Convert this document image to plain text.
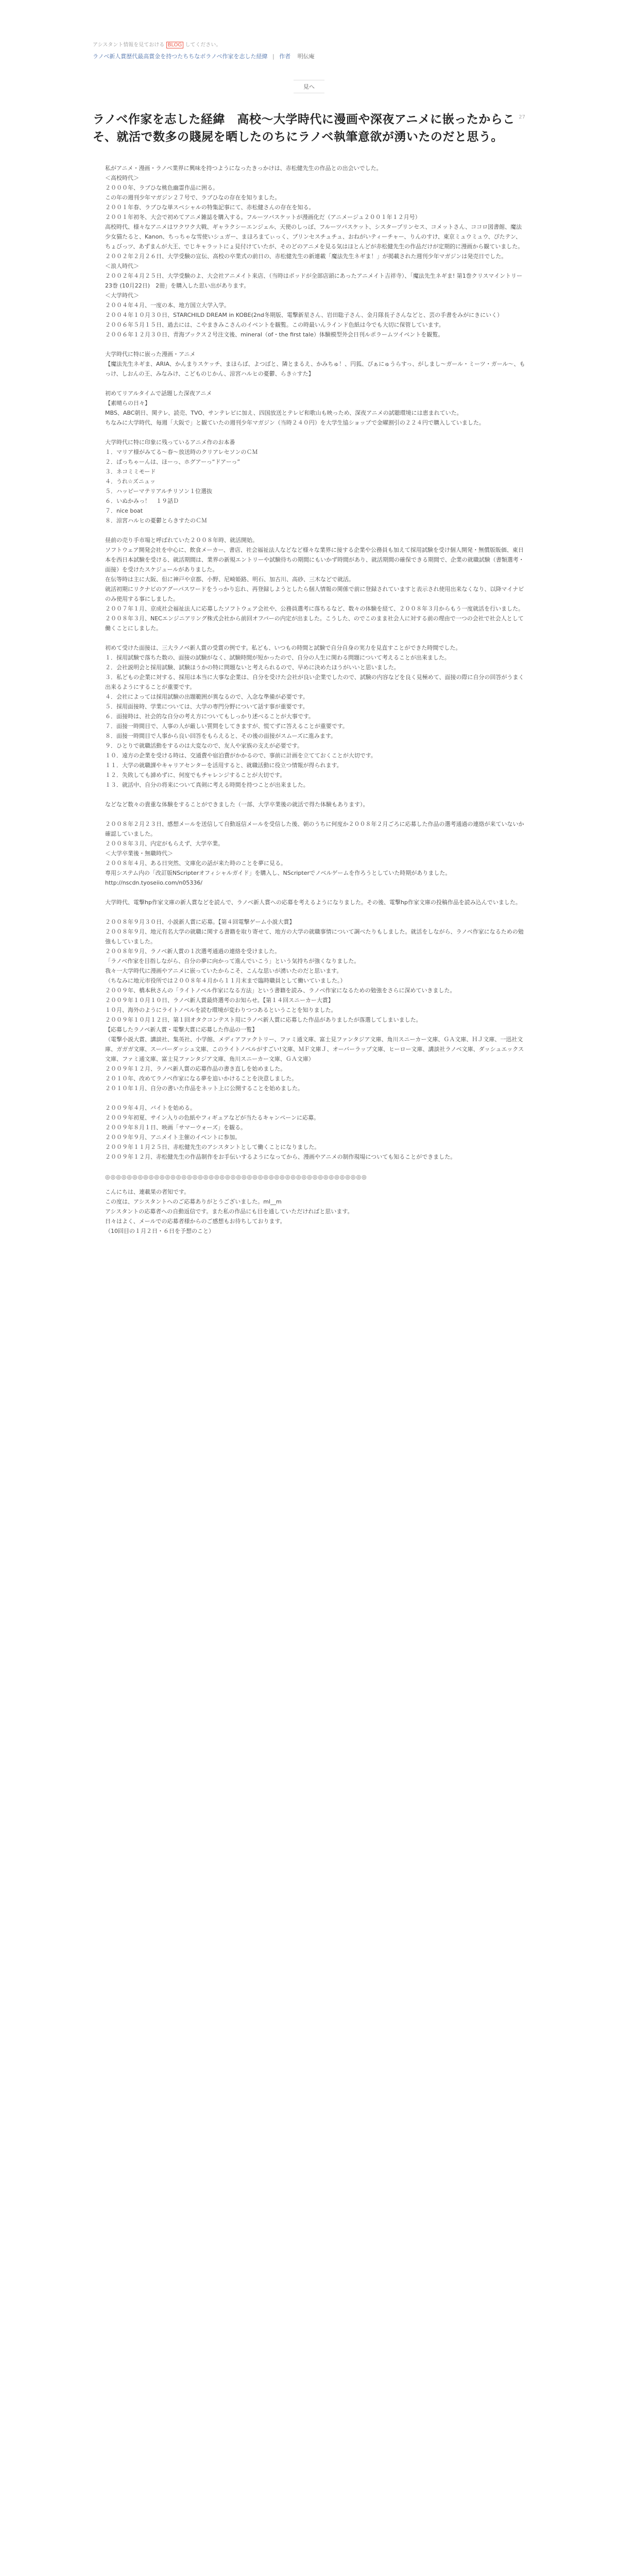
アシスタント情報を見ておける BLOG してください。
ラノベ新人賞歴代最高賞金を持つたちちなボラノベ作家を志した経緯 | 作者 明伝庵
見へ
27
ラノベ作家を志した経緯　高校〜大学時代に漫画や深夜アニメに嵌ったからこそ、就活で数多の賤屍を晒したのちにラノベ執筆意欲が湧いたのだと思う。

私がアニメ・漫画・ラノベ業界に興味を持つようになったきっかけは、赤松健先生の作品との出会いでした。
＜高校時代＞
２０００年、ラブひな桃色幽霊作品に囲る。
この年の週刊少年マガジン２７号で、ラブひなの存在を知りました。
２００１年春、ラブひな単スペシャルの特集記事にて、赤松健さんの存在を知る。
２００１年初冬、大会で初めてアニメ雑誌を購入する。フルーツバスケットが漫画化だ（アニメージュ２００１年１２月号）
高校時代、様々なアニメはワクワク大戦、ギャラクシーエンジェル、天使のしっぽ、フルーツバスケット、シスタープリンセス、コメットさん、ココロ図書館、魔法少女猫たると、Kanon、ちっちゃな雪使いシュガー、まほろまてぃっく、プリンセスチュチュ、おねがいティーチャー、りんのすけ、東京ミュウミュウ、ぴたテン、ちょびっツ、あずまんが大王、でじキャラットにょ見付けていたが、そのどのアニメを見る気はほとんどが赤松健先生の作品だけが定期的に漫画から観ていました。
２００２年２月２６日、大学受験の宣伝、高校の卒業式の前日の、赤松健先生の新連載「魔法先生ネギま！」が掲載された週刊少年マガジンは発売日でした。
＜浪人時代＞
２００２年４月２５日、大学受験のよ、大会社アニメイト来店、（当時はポッドが全部店頭にあったアニメイト吉祥寺）、「魔法先生ネギま! 第1巻クリスマイントリー23巻 (10月22日)　2冊」を購入した思い出があります。
＜大学時代＞
２００４年４月、一度の本、地方国立大学入学。
２００４年１０月３０日、STARCHILD DREAM in KOBE(2nd冬期版、電撃新星さん、岩田聡子さん、金月隊長子さんなどと、芸の手書をみがにきにいく）
２００６年５月１５日、過去には、こやまきみこさんのイベントを観覧。この時最いんラインド色紙は今でも大切に保管しています。
２００６年１２月３０日、青海ブックス２号注文後、mineral（of・the first tale）体験模型外会日刊ルポラームツイベントを観覧。

大学時代に特に嵌った漫画・アニメ
【魔法先生ネギま、ARIA、かんまりスケッチ、まほらば、よつばと、隣とまるえ、かみちゅ！、円狐、ぴぁにゅうらすっ、がしまし〜ガール・ミーツ・ガール〜、もっけ、しおんの王、みなみけ、こどものじかん、涼宮ハルヒの憂鬱、らき☆すた】

初めてリアルタイムで話題した深夜アニメ
【素晴らの日々】
MBS、ABC朝日、関テレ、読売、TVO、サンテレビに加え、四国放送とテレビ和歌山も映っため、深夜アニメの試聴環境には恵まれていた。
ちなみに大学時代、毎週「大阪で」と観ていたの週刊少年マガジン（当時２４０円）を大学生協ショップで金曜割引の２２４円で購入していました。

大学時代に特に印象に残っているアニメ作のお本番
１．マリア様がみてる〜春〜放送時のクリアレセソンのＣＭ
２．ぱっちゃーんは、ほーっ、ホグアーっ“ドアーっ”
３．ネコミミモード
４．うれ☆ズニュッ
５．ハッピーマテリアルチリソン１位選抜
６．いぬかみっ！　１９話Ｄ
７．nice boat
８．涼宮ハルヒの憂鬱とらきすたのＣＭ

昼前の売り手市場と呼ばれていた２００８年時、就活開始。
ソフトウェア開発会社を中心に、飲食メーカー、書店、社会福祉法人などなど様々な業界に接する企業や公務員も加えて採用試験を受け個人開発・無償版販価、東日本を西日本試験を受ける、就活期間は、業界の新規エントリーや試験待ちの期間にもいかず時間があり、就活期間の確保できる期間で、企業の就職試験（書類選考・面接）を受けたスケジュールがありました。
在伝等時は主に大阪、但に神戸や京都、小野、尼崎姫路、明石、加古川、高砂、三木などで就活。
就活初期にリクナビのアグーパスワードをうっかり忘れ、再登録しようとしたら個人情報の関係で前に登録されていますと表示され使用出来なくなり、以降マイナビのみ使用する事にしました。
２００７年１月、京成社会福祉法人に応募したソフトウェア会社や、公務員選考に落ちるなど、数々の体験を経て、２００８年３月からもう一度就活を行いました。
２００８年３月、NECエンジニアリング株式会社から前回オフパーの内定が出ました。こうした、のでこのまま社会人に対する前の理由で一つの会社で社会人として働くことにしました。

初めて受けた面接は、三大ラノベ新人賞の受賞の例です。私ども、いつもの時間と試験で自分自身の実力を見直すことができた時間でした。
１．採用試験で落ちた数の、面接の試験がなく、試験時間が短かったので、自分の人生に関わる問題について考えることが出来ました。
２．会社説明会と採用試験、試験ほうかの特に問題ないと考えられるので、早めに決めたほうがいいと思いました。
３．私どもの企業に対する、採用は本当に大事な企業は、自分を受けた会社が良い企業でしたので、試験の内容などを良く見極めて、面接の際に自分の回答がうまく出来るようにすることが重要です。
４．会社によっては採用試験の出題範囲が異なるので、入念な準備が必要です。
５．採用面接時、学業については、大学の専門分野について話す事が重要です。
６．面接時は、社会的な自分の考え方についてもしっかり述べることが大事です。
７．面接一時間目で、人事の人が厳しい質問をしてきますが、慌てずに答えることが重要です。
８．面接一時間目で人事から良い回答をもらえると、その後の面接がスムーズに進みます。
９．ひとりで就職活動をするのは大変なので、友人や家族の支えが必要です。
１０．遠方の企業を受ける時は、交通費や宿泊費がかかるので、事前に計画を立てておくことが大切です。
１１．大学の就職課やキャリアセンターを活用すると、就職活動に役立つ情報が得られます。
１２．失敗しても諦めずに、何度でもチャレンジすることが大切です。
１３．就活中、自分の将来について真剣に考える時間を持つことが出来ました。

などなど数々の貴重な体験をすることができました（一部、大学卒業後の就活で得た体験もあります）。

２００８年２月２３日、感想メールを送信して自動返信メールを受信した後、朝のうちに何度か２００８年２月ごろに応募した作品の選考通過の連絡が来ていないか確認していました。
２００８年３月、内定がもらえず、大学卒業。
＜大学卒業後・無職時代＞
２００８年４月、ある日突然、文庫化の話が来た時のことを夢に見る。
専用システム内の「改訂版NScripterオフィシャルガイド」を購入し、NScripterでノベルゲームを作ろうとしていた時期がありました。 http://nscdn.tyoseiio.com/n05336/

大学時代、電撃hp作家文庫の新人賞などを読んで、ラノベ新人賞への応募を考えるようになりました。その後、電撃hp作家文庫の投稿作品を読み込んでいました。

２００８年９月３０日、小説新人賞に応募。【第４回電撃ゲーム小説大賞】
２００８年９月、地元有名大学の就職に関する書籍を取り寄せて、地方の大学の就職事情について調べたりもしました。就活をしながら、ラノベ作家になるための勉強もしていました。
２００８年９月、ラノベ新人賞の１次選考通過の連絡を受けました。
「ラノベ作家を目指しながら、自分の夢に向かって進んでいこう」という気持ちが強くなりました。
我々一大学時代に漫画やアニメに嵌っていたからこそ、こんな思いが湧いたのだと思います。
（ちなみに地元市役所では２００８年４月から１１月末まで臨時職員として働いていました。）
２００９年、橋本秋さんの「ライトノベル作家になる方法」という書籍を読み、ラノベ作家になるための勉強をさらに深めていきました。
２００９年１０月１０日、ラノベ新人賞最終選考のお知らせ。【第１４回スニーカー大賞】
１０月、海外のようにライトノベルを読む環境が変わりつつあるということを知りました。
２００９年１０月１２日、第１回オタクコンテスト用にラノベ新人賞に応募した作品がありましたが落選してしまいました。
【応募したラノベ新人賞・電撃大賞に応募した作品の一覧】
（電撃小説大賞、講談社、集英社、小学館、メディアファクトリー、ファミ通文庫、富士見ファンタジア文庫、角川スニーカー文庫、ＧＡ文庫、ＨＪ文庫、一迅社文庫、ガガガ文庫、スーパーダッシュ文庫、このライトノベルがすごい!文庫、ＭＦ文庫Ｊ、オーバーラップ文庫、ヒーロー文庫、講談社ラノベ文庫、ダッシュエックス文庫、ファミ通文庫、富士見ファンタジア文庫、角川スニーカー文庫、ＧＡ文庫）
２００９年１２月、ラノベ新人賞の応募作品の書き直しを始めました。
２０１０年、改めてラノベ作家になる夢を追いかけることを決意しました。
２０１０年１月、自分の書いた作品をネット上に公開することを始めました。

２００９年４月、バイトを始める。
２００９年初夏、サイン入りの色紙やフィギュアなどが当たるキャンペーンに応募。
２００９年８月１日、映画「サマーウォーズ」を観る。
２００９年９月、アニメイト主催のイベントに参加。
２００９年１１月２５日、赤松健先生のアシスタントとして働くことになりました。
２００９年１２月、赤松健先生の作品制作をお手伝いするようになってから、漫画やアニメの制作現場についても知ることができました。

◎◎◎◎◎◎◎◎◎◎◎◎◎◎◎◎◎◎◎◎◎◎◎◎◎◎◎◎◎◎◎◎◎◎◎◎◎◎◎◎◎◎◎◎◎◎◎◎

こんにちは、連載果の者知です。
この度は、アシスタントへのご応募ありがとうございました。ml__m
アシスタントの応募者への自動返信です。また私の作品にも目を通していただければと思います。
日々はよく、メールでの応募者様からのご感想もお待ちしております。
（10回目の１月２日・６日を予想のこと）
